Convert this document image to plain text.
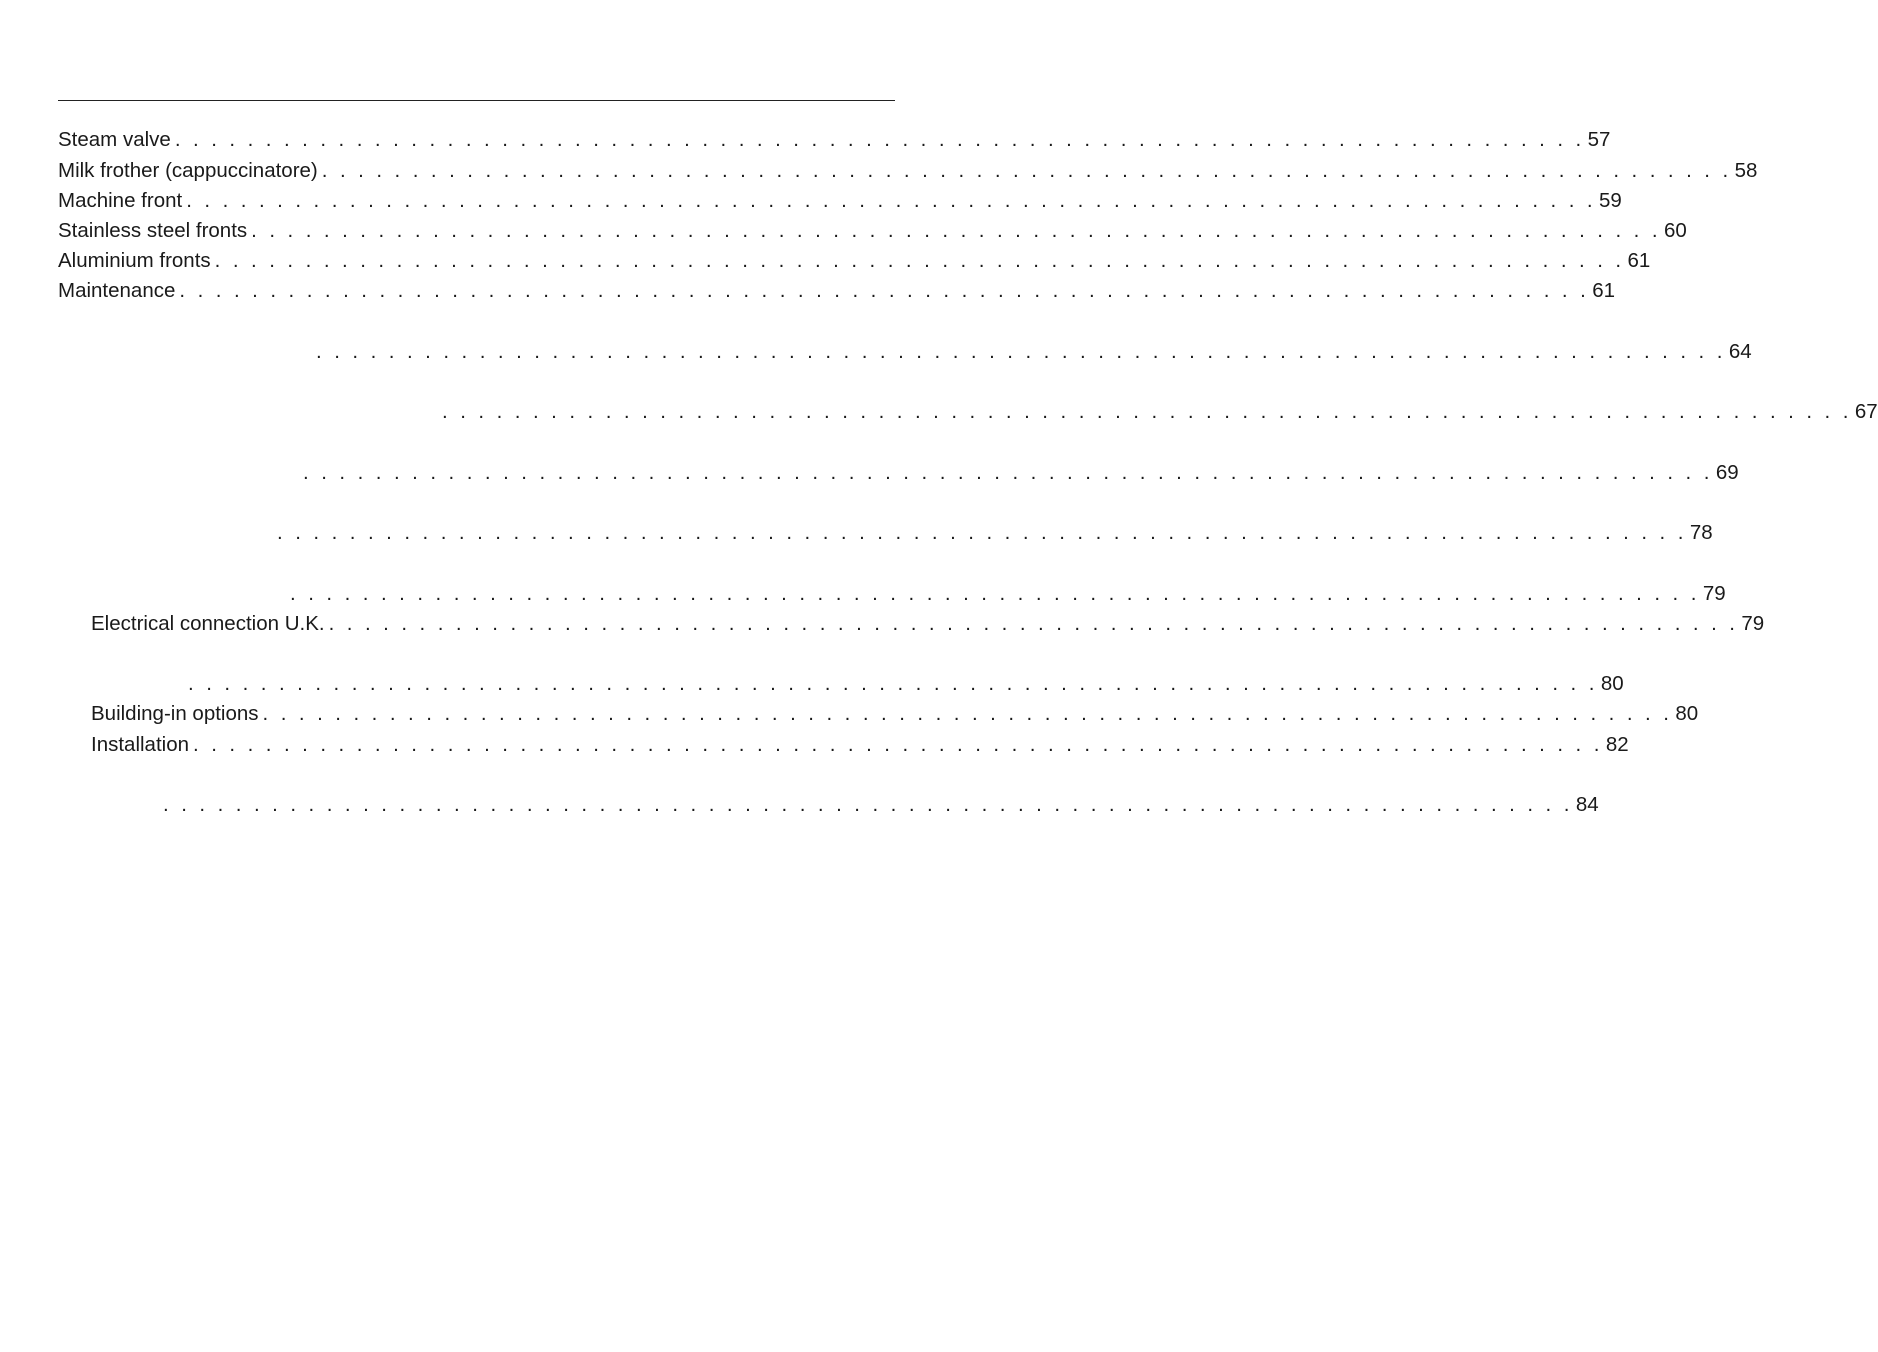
Steam valve . . . . . . . . . . . . . . . . . . . . . . . . . . . . . . . . . . . . . . . . . . . . . . . . . . . . . . . . . . . . . . . . . . . . . . . . . . . . . . 57
Milk frother (cappuccinatore) . . . . . . . . . . . . . . . . . . . . . . . . . . . . . . . . . . . . . . . . . . . . . . . . . . . . . . . . . . . . . . . . . . . . . . . . . . . . . . 58
Machine front . . . . . . . . . . . . . . . . . . . . . . . . . . . . . . . . . . . . . . . . . . . . . . . . . . . . . . . . . . . . . . . . . . . . . . . . . . . . . . 59
Stainless steel fronts . . . . . . . . . . . . . . . . . . . . . . . . . . . . . . . . . . . . . . . . . . . . . . . . . . . . . . . . . . . . . . . . . . . . . . . . . . . . . . 60
Aluminium fronts . . . . . . . . . . . . . . . . . . . . . . . . . . . . . . . . . . . . . . . . . . . . . . . . . . . . . . . . . . . . . . . . . . . . . . . . . . . . . . 61
Maintenance . . . . . . . . . . . . . . . . . . . . . . . . . . . . . . . . . . . . . . . . . . . . . . . . . . . . . . . . . . . . . . . . . . . . . . . . . . . . . . 61
. . . . . . . . . . . . . . . . . . . . . . . . . . . . . . . . . . . . . . . . . . . . . . . . . . . . . . . . . . . . . . . . . . . . . . . . . . . . . . 64
. . . . . . . . . . . . . . . . . . . . . . . . . . . . . . . . . . . . . . . . . . . . . . . . . . . . . . . . . . . . . . . . . . . . . . . . . . . . . . 67
. . . . . . . . . . . . . . . . . . . . . . . . . . . . . . . . . . . . . . . . . . . . . . . . . . . . . . . . . . . . . . . . . . . . . . . . . . . . . . 69
. . . . . . . . . . . . . . . . . . . . . . . . . . . . . . . . . . . . . . . . . . . . . . . . . . . . . . . . . . . . . . . . . . . . . . . . . . . . . . 78
. . . . . . . . . . . . . . . . . . . . . . . . . . . . . . . . . . . . . . . . . . . . . . . . . . . . . . . . . . . . . . . . . . . . . . . . . . . . . . 79
Electrical connection U.K. . . . . . . . . . . . . . . . . . . . . . . . . . . . . . . . . . . . . . . . . . . . . . . . . . . . . . . . . . . . . . . . . . . . . . . . . . . . . . . 79
. . . . . . . . . . . . . . . . . . . . . . . . . . . . . . . . . . . . . . . . . . . . . . . . . . . . . . . . . . . . . . . . . . . . . . . . . . . . . . 80
Building-in options . . . . . . . . . . . . . . . . . . . . . . . . . . . . . . . . . . . . . . . . . . . . . . . . . . . . . . . . . . . . . . . . . . . . . . . . . . . . . . 80
Installation . . . . . . . . . . . . . . . . . . . . . . . . . . . . . . . . . . . . . . . . . . . . . . . . . . . . . . . . . . . . . . . . . . . . . . . . . . . . . . 82
. . . . . . . . . . . . . . . . . . . . . . . . . . . . . . . . . . . . . . . . . . . . . . . . . . . . . . . . . . . . . . . . . . . . . . . . . . . . . . 84
